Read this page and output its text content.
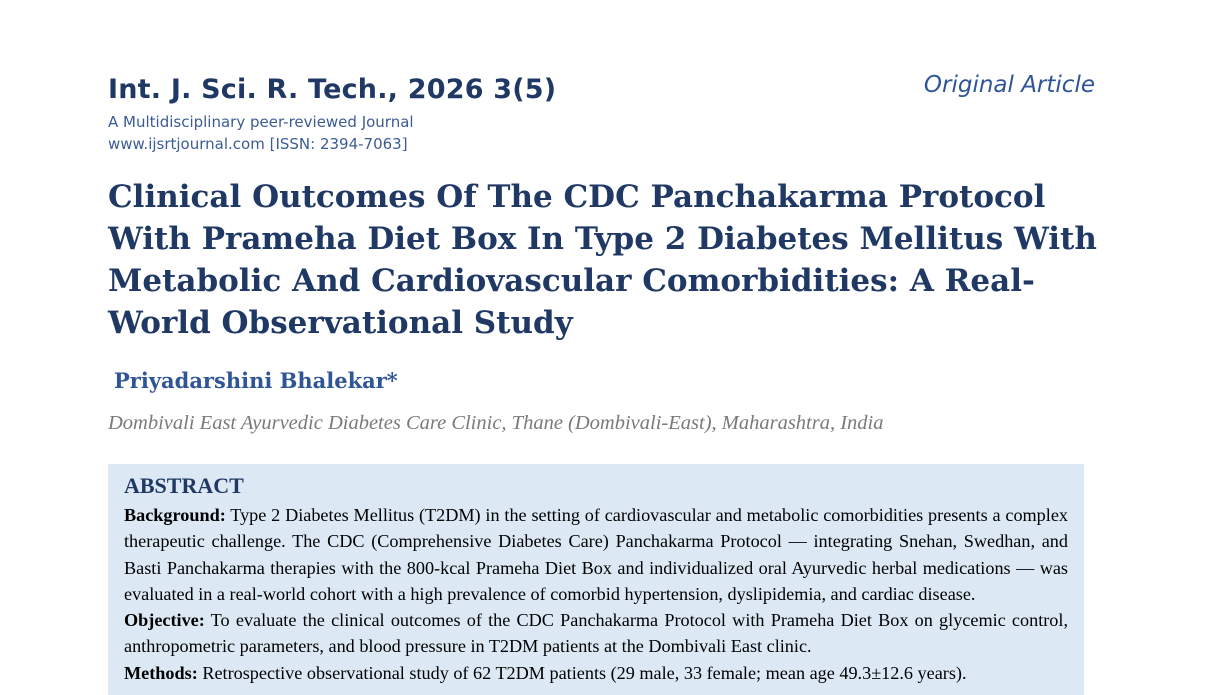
Int. J. Sci. R. Tech., 2026 3(5)

A Multidisciplinary peer-reviewed Journal

www.ijsrtjournal.com [ISSN: 2394-7063]

Original Article

Clinical Outcomes Of The CDC Panchakarma Protocol With Prameha Diet Box In Type 2 Diabetes Mellitus With Metabolic And Cardiovascular Comorbidities: A Real-World Observational Study

Priyadarshini Bhalekar*

Dombivali East Ayurvedic Diabetes Care Clinic, Thane (Dombivali-East), Maharashtra, India

ABSTRACT

Background: Type 2 Diabetes Mellitus (T2DM) in the setting of cardiovascular and metabolic comorbidities presents a complex therapeutic challenge. The CDC (Comprehensive Diabetes Care) Panchakarma Protocol — integrating Snehan, Swedhan, and Basti Panchakarma therapies with the 800-kcal Prameha Diet Box and individualized oral Ayurvedic herbal medications — was evaluated in a real-world cohort with a high prevalence of comorbid hypertension, dyslipidemia, and cardiac disease.

Objective: To evaluate the clinical outcomes of the CDC Panchakarma Protocol with Prameha Diet Box on glycemic control, anthropometric parameters, and blood pressure in T2DM patients at the Dombivali East clinic.

Methods: Retrospective observational study of 62 T2DM patients (29 male, 33 female; mean age 49.3±12.6 years).
